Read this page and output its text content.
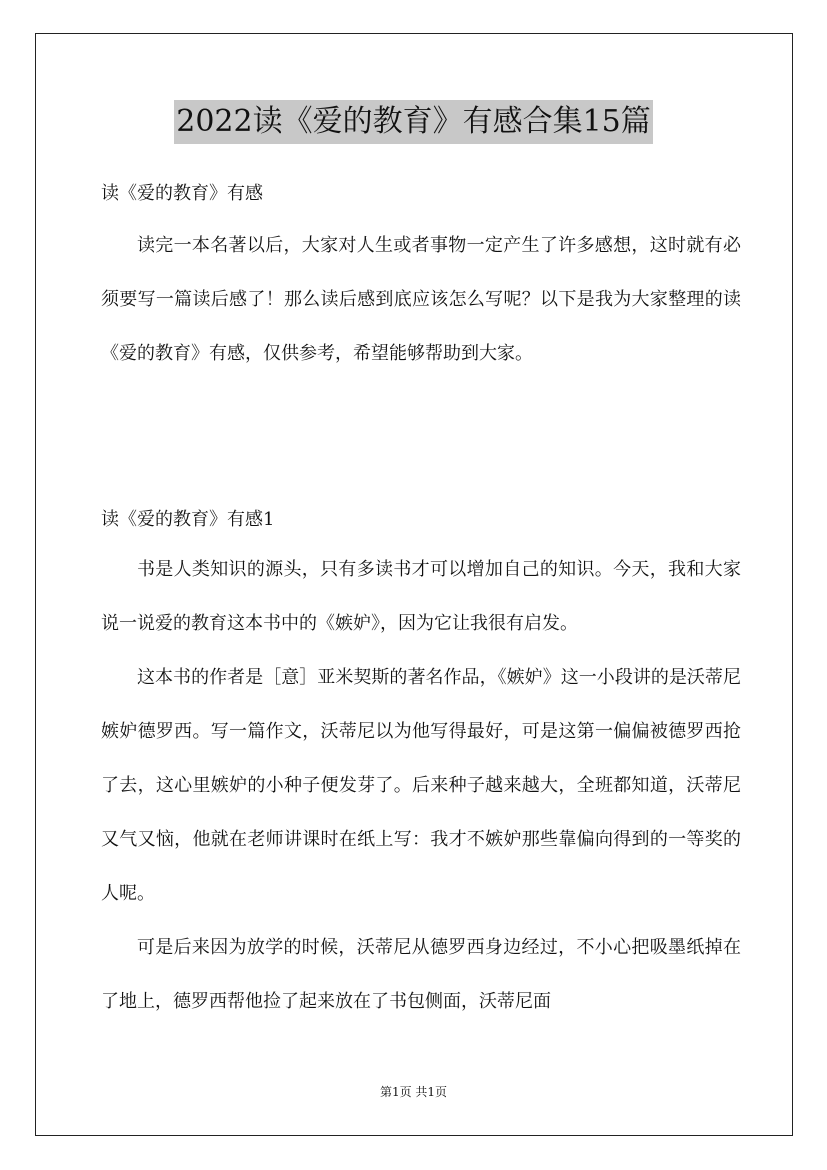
2022读《爱的教育》有感合集15篇
读《爱的教育》有感
读完一本名著以后，大家对人生或者事物一定产生了许多感想，这时就有必须要写一篇读后感了！那么读后感到底应该怎么写呢？以下是我为大家整理的读《爱的教育》有感，仅供参考，希望能够帮助到大家。
读《爱的教育》有感1
书是人类知识的源头，只有多读书才可以增加自己的知识。今天，我和大家说一说爱的教育这本书中的《嫉妒》，因为它让我很有启发。
这本书的作者是［意］亚米契斯的著名作品，《嫉妒》这一小段讲的是沃蒂尼嫉妒德罗西。写一篇作文，沃蒂尼以为他写得最好，可是这第一偏偏被德罗西抢了去，这心里嫉妒的小种子便发芽了。后来种子越来越大，全班都知道，沃蒂尼又气又恼，他就在老师讲课时在纸上写：我才不嫉妒那些靠偏向得到的一等奖的人呢。
可是后来因为放学的时候，沃蒂尼从德罗西身边经过，不小心把吸墨纸掉在了地上，德罗西帮他捡了起来放在了书包侧面，沃蒂尼面
第1页 共1页
